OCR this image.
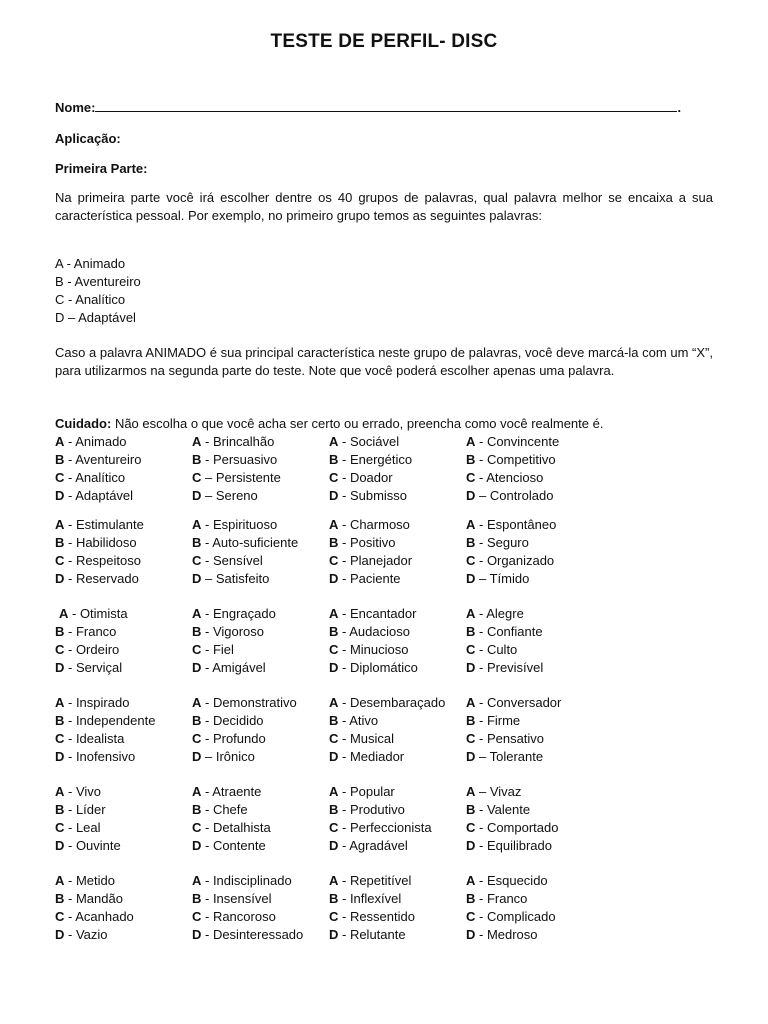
TESTE DE PERFIL- DISC
Nome:	.
Aplicação:
Primeira Parte:
Na primeira parte você irá escolher dentre os 40 grupos de palavras, qual palavra melhor se encaixa a sua característica pessoal. Por exemplo, no primeiro grupo temos as seguintes palavras:
A - Animado
B - Aventureiro
C - Analítico
D – Adaptável
Caso a palavra ANIMADO é sua principal característica neste grupo de palavras, você deve marcá-la com um “X”, para utilizarmos na segunda parte do teste. Note que você poderá escolher apenas uma palavra.
Cuidado: Não escolha o que você acha ser certo ou errado, preencha como você realmente é.
A - Animado
B - Aventureiro
C - Analítico
D - Adaptável
A - Brincalhão
B - Persuasivo
C – Persistente
D – Sereno
A - Sociável
B - Energético
C - Doador
D - Submisso
A - Convincente
B - Competitivo
C - Atencioso
D – Controlado
A - Estimulante
B - Habilidoso
C - Respeitoso
D - Reservado
A - Espirituoso
B - Auto-suficiente
C - Sensível
D – Satisfeito
A - Charmoso
B - Positivo
C - Planejador
D - Paciente
A - Espontâneo
B - Seguro
C - Organizado
D – Tímido
A - Otimista
B - Franco
C - Ordeiro
D - Serviçal
A - Engraçado
B - Vigoroso
C - Fiel
D - Amigável
A - Encantador
B - Audacioso
C - Minucioso
D - Diplomático
A - Alegre
B - Confiante
C - Culto
D - Previsível
A - Inspirado
B - Independente
C - Idealista
D - Inofensivo
A - Demonstrativo
B - Decidido
C - Profundo
D – Irônico
A - Desembaraçado
B - Ativo
C - Musical
D - Mediador
A - Conversador
B - Firme
C - Pensativo
D – Tolerante
A - Vivo
B - Líder
C - Leal
D - Ouvinte
A - Atraente
B - Chefe
C - Detalhista
D - Contente
A - Popular
B - Produtivo
C - Perfeccionista
D - Agradável
A – Vivaz
B - Valente
C - Comportado
D - Equilibrado
A - Metido
B - Mandão
C - Acanhado
D - Vazio
A - Indisciplinado
B - Insensível
C - Rancoroso
D - Desinteressado
A - Repetitível
B - Inflexível
C - Ressentido
D - Relutante
A - Esquecido
B - Franco
C - Complicado
D - Medroso
